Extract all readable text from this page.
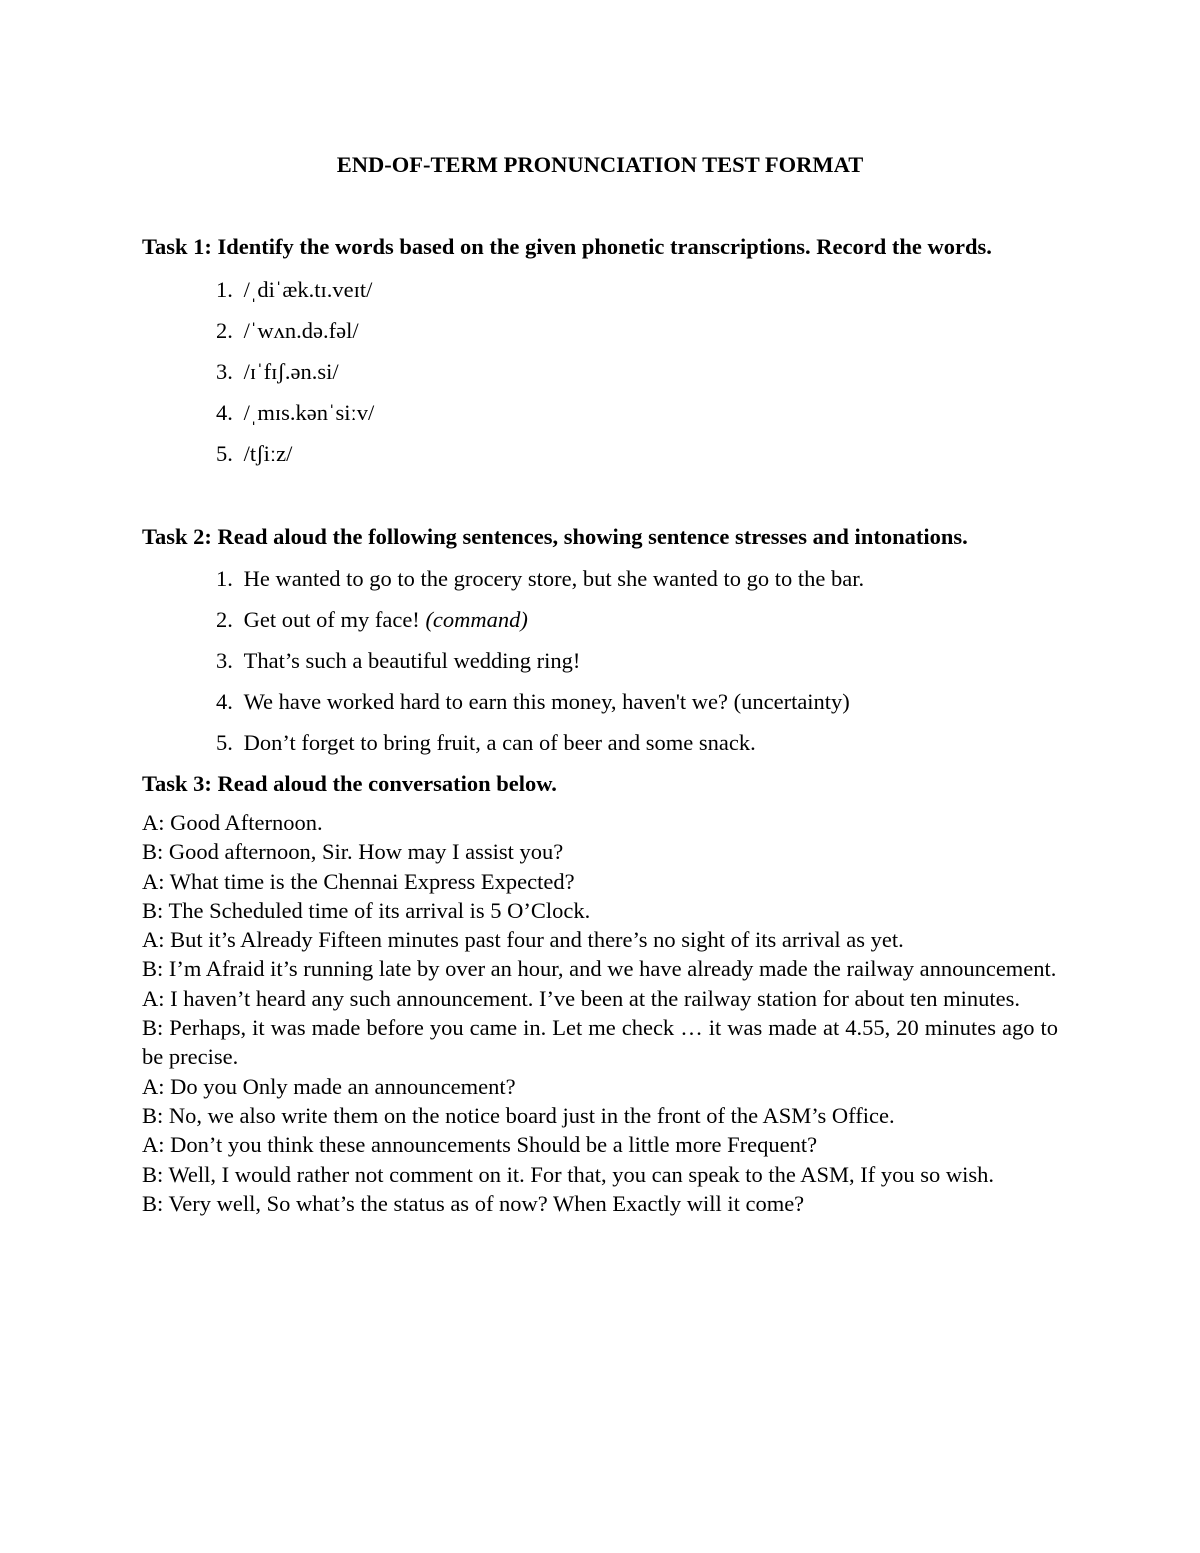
END-OF-TERM PRONUNCIATION TEST FORMAT

Task 1: Identify the words based on the given phonetic transcriptions. Record the words.

1.
/ˌdiˈæk.tɪ.veɪt/
2.
/ˈwʌn.də.fəl/
3.
/ɪˈfɪʃ.ən.si/
4.
/ˌmɪs.kənˈsiːv/
5.
/tʃiːz/

Task 2: Read aloud the following sentences, showing sentence stresses and intonations.

1.
He wanted to go to the grocery store, but she wanted to go to the bar.
2.
Get out of my face!
(command)
3.
That’s such a beautiful wedding ring!
4.
We have worked hard to earn this money, haven't we? (uncertainty)
5.
Don’t forget to bring fruit, a can of beer and some snack.

Task 3: Read aloud the conversation below.

A: Good Afternoon.

B: Good afternoon, Sir. How may I assist you?

A: What time is the Chennai Express Expected?

B: The Scheduled time of its arrival is 5 O’Clock.

A: But it’s Already Fifteen minutes past four and there’s no sight of its arrival as yet.

B: I’m Afraid it’s running late by over an hour, and we have already made the railway announcement.

A: I haven’t heard any such announcement. I’ve been at the railway station for about ten minutes.

B: Perhaps, it was made before you came in. Let me check … it was made at 4.55, 20 minutes ago to be precise.

A: Do you Only made an announcement?

B: No, we also write them on the notice board just in the front of the ASM’s Office.

A: Don’t you think these announcements Should be a little more Frequent?

B: Well, I would rather not comment on it. For that, you can speak to the ASM, If you so wish.

B: Very well, So what’s the status as of now? When Exactly will it come?
